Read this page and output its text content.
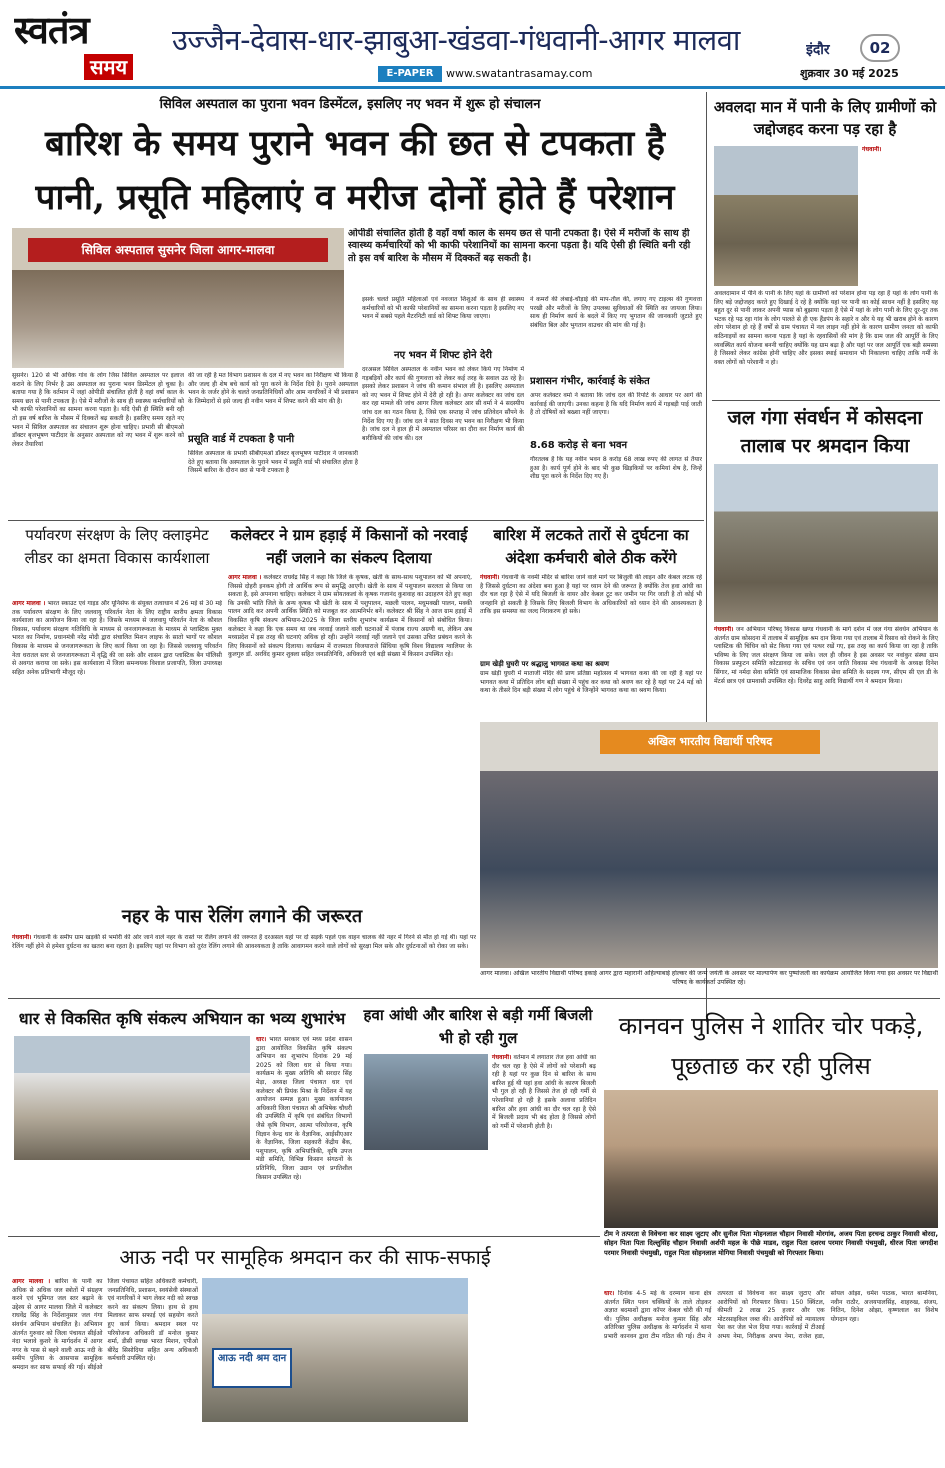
स्वतंत्र
समय
उज्जैन-देवास-धार-झाबुआ-खंडवा-गंधवानी-आगर मालवा	इंदौर	02
E-PAPER	www.swatantrasamay.com	शुक्रवार 30 मई 2025
सिविल अस्पताल का पुराना भवन डिस्मेंटल, इसलिए नए भवन में शुरू हो संचालन
बारिश के समय पुराने भवन की छत से टपकता है
पानी, प्रसूति महिलाएं व मरीज दोनों होते हैं परेशान
सिविल अस्पताल सुसनेर जिला आगर-मालवा
ओपीडी संचालित होती है वहाँ वर्षा काल के समय छत से पानी टपकता है। ऐसे में मरीजों के साथ ही स्वास्थ्य कर्मचारियों को भी काफी परेशानियों का सामना करना पड़ता है। यदि ऐसी ही स्थिति बनी रही तो इस वर्ष बारिश के मौसम में दिक्कतें बढ़ सकती है।
सुसनेर। 120 से भी अधिक गांव के लोग जिस सिविल अस्पताल पर इलाज कराने के लिए निर्भर है उस अस्पताल का पुराना भवन डिस्मेंटल हो चुका है। बताया गया है कि वर्तमान में जहां ओपीडी संचालित होती है वहां वर्षा काल के समय छत से पानी टपकता है। ऐसे में मरीजों के साथ ही स्वास्थ्य कर्मचारियों को भी काफी परेशानियों का सामना करना पड़ता है। यदि ऐसी ही स्थिति बनी रही तो इस वर्ष बारिश के मौसम में दिक्कतें बढ़ सकती है। इसलिए समय रहते नए भवन में सिविल अस्पताल का संचालन शुरू होना चाहिए। प्रभारी सी बीएमओ डॉक्टर बृजभूषण पाटीदार के अनुसार अस्पताल को नए भवन में शुरू करने को लेकर तैयारियां
की जा रही है मत विभाग प्रशासन के दल में नए भवन का निरीक्षण भी किया है और जल्द ही शेष बचे कार्य को पूरा करने के निर्देश दिये है। पुराने अस्पताल भवन के जर्जर होने के चलते जनप्रतिनिधियों और आम नागरिकों ने भी प्रशासन के जिम्मेदारों से इसे जल्द ही नवीन भवन में शिफ्ट करने की मांग की है।
प्रसूति वार्ड में टपकता है पानी
सिविल अस्पताल के प्रभारी सीबीएमओ डॉक्टर बृजभूषण पाटीदार ने जानकारी देते हुए बताया कि अस्पताल के पुराने भवन में प्रसूति वार्ड भी संचालित होता है जिसमें बारिश के दौरान छत से पानी टपकता है
इसके चलते प्रसूति महिलाओं एवं नवजात शिशुओं के साथ ही स्वास्थ्य कर्मचारियों को भी काफी परेशानियों का सामना करना पड़ता है इसलिए नए भवन में सबसे पहले मैटरनिटी वार्ड को शिफ्ट किया जाएगा।
नए भवन में शिफ्ट होने देरी
दरअसल सिविल अस्पताल के नवीन भवन को लेकर किये गए निर्माण में गड़बड़ियों और कार्य की गुणवत्ता को लेकर कई तरह के सवाल उठ रहे है। इसको लेकर प्रशासन ने जांच की कमान संभाल ली है। इसलिए अस्पताल को नए भवन में शिफ्ट होने में देरी हो रही है। अपर कलेक्टर का जांच दल कर रहा मामले की जांच आगर जिला कलेक्टर आर सी वर्मा ने 4 सदस्यीय जांच दल का गठन किया है, जिसे एक सप्ताह में जांच प्रतिवेदन सौंपने के निर्देश दिए गए हैं। जांच दल ने सात दिवस नए भवन का निरीक्षण भी किया है। जांच दल ने हाल ही में अस्पताल परिसर का दौरा कर निर्माण कार्य की बारीकियों की जांच की। दल
ने कमरों की लंबाई-चौड़ाई की माप-तौल की, लगाए गए टाइल्स की गुणवत्ता परखी और मरीजों के लिए उपलब्ध सुविधाओं की स्थिति का जायजा लिया। साथ ही निर्माण कार्य के बदले में किए गए भुगतान की जानकारी जुटाते हुए संबंधित बिल और भुगतान वाउचर की मांग की गई है।
प्रशासन गंभीर, कार्रवाई के संकेत
अपर कलेक्टर वर्मा ने बताया कि जांच दल की रिपोर्ट के आधार पर आगे की कार्रवाई की जाएगी। उनका कहना है कि यदि निर्माण कार्य में गड़बड़ी पाई जाती है तो दोषियों को बख्शा नहीं जाएगा।
8.68 करोड़ से बना भवन
गौरतलब है कि यह नवीन भवन 8 करोड़ 68 लाख रुपए की लागत से तैयार हुआ है। कार्य पूर्ण होने के बाद भी कुछ खिड़कियों पर कमियां शेष है, जिन्हें शीघ्र पूरा करने के निर्देश दिए गए हैं।
अवलदा मान में पानी के लिए ग्रामीणों को जद्दोजहद करना पड़ रहा है
गंधवानी।
अवलदामान में पीने के पानी के लिए यहां के ग्रामीणों को परेशान होना पड़ रहा है यहां के लोग पानी के लिए बड़े जद्दोजहद करते हुए दिखाई दे रहे है क्योंकि यहां पर पानी का कोई साधन नहीं है इसलिए यह बहुत दूर से पानी लाकर अपनी प्यास को बुझाया पड़ता है ऐसे में यहां के लोग पानी के लिए दूर-दूर तक भटक रहे पढ़ रहा गांव के लोग पालते से ही एक हैंडपंप के सहारे व और ये यह भी खराब होने के कारण लोग परेशान हो रहे हैं वर्षों से ग्राम पंचायत में नल लाइन नहीं होने के कारण ग्रामीण जनता को काफी कठिनाइयों का सामना करना पड़ता है यहां के रहवासियों की मांग है कि ग्राम जल की आपूर्ति के लिए व्यवस्थित कार्य योजना बननी चाहिए क्योंकि यह ग्राम बढ़ा है और यहां पर जल आपूर्ति एक बड़ी समस्या है जिसको लेकर कांग्रेस होनी चाहिए और इसका स्थाई समाधान भी निकालना चाहिए ताकि गर्मी के वक्त लोगों को परेशानी न हो।
जल गंगा संवर्धन में कोसदना तालाब पर श्रमदान किया
गंधवानी। जन अभियान परिषद् विकास खण्ड गंधवानी के मार्ग दर्शन में जल गंगा संवर्धन अभियान के अंतर्गत ग्राम कोसदना में तालाब में सामूहिक श्रम दान किया गया एवं तालाब में रिसाव को रोकने के लिए प्लास्टिक की चिंधिन को सेट किया गया एवं पत्थर रखें गए, इस तरह का कार्य किया जा रहा है ताकि भविष्य के लिए जल संरक्षण किया जा सके। जल ही जीवन है इस अवसर पर नवांकुर संस्था ग्राम विकास प्रस्फुटन समिति कोटडावदा के सचिव एवं जन जाति विकास मंच गंधवानी के अध्यक्ष दिनेश सिंगार, मां नर्मदा सेवा समिति एवं सामाजिक विकास सेवा समिति के सदस्य गण, सीएम सी एल डी के मेंटर्स छात्र एवं ग्रामवासी उपस्थित रहे। दिवरेंद्र साहु आदि विद्यार्थी गण ने श्रमदान किया।
पर्यावरण संरक्षण के लिए क्लाइमेट लीडर का क्षमता विकास कार्यशाला
आगर मालवा । भारत स्काउट एवं गाइड और यूनिसेफ के संयुक्त तत्वाधान में 26 मई से 30 मई तक पर्यावरण संरक्षण के लिए जलवायु परिवर्तन नेता के लिए राष्ट्रीय स्तरीय क्षमता विकास कार्यशाला का आयोजन किया जा रहा है। जिसके माध्यम से जलवायु परिवर्तन नेता के कौशल विकास, पर्यावरण संरक्षण गतिविधि के माध्यम से जनजागरूकता के माध्यम से प्लास्टिक मुक्त भारत का निर्माण, प्रधानमंत्री नरेंद्र मोदी द्वारा संचालित मिशन लाइफ के सातो भागों पर कौशल विकास के माध्यम से जनजागरूकता के लिए कार्य किया जा रहा है। जिससे जलवायु परिवर्तन नेता धरातल स्तर से जनजागरूकता में वृद्धि की जा सके और शासन द्वारा प्लास्टिक बैन पॉलिसी से अवगत कराया जा सके। इस कार्यशाला में जिला समन्वयक विशाल प्रजापति, जिला उपाध्यक्ष सहित अनेक प्रतिभागी मौजूद रहे।
कलेक्टर ने ग्राम हड़ाई में किसानों को नरवाई नहीं जलाने का संकल्प दिलाया
आगर मालवा । कलेक्टर राघवेंद्र सिंह ने कहा कि जिले के कृषक, खेती के साथ-साथ पशुपालन को भी अपनाएं, जिससे दोहरी इनकम होगी तो आर्थिक रूप से समृद्धि आएगी। खेती के साथ में पशुपालन सरलता से किया जा सकता है, इसे अपनाना चाहिए। कलेक्टर ने ग्राम सोयतकलां के कृषक गजानंद कुशवाह का उदाहरण देते हुए कहा कि उनकी भांति जिले के अन्य कृषक भी खेती के साथ में पशुपालन, मछली पालन, मधुमक्खी पालन, मक्की पालन आदि कर अपनी आर्थिक स्थिति को मजबूत कर आत्मनिर्भर बनें। कलेक्टर श्री सिंह ने आज ग्राम हड़ाई में विकसित कृषि संकल्प अभियान-2025 के जिला स्तरीय शुभारंभ कार्यक्रम में किसानों को संबोधित किया। कलेक्टर ने कहा कि एक समय था जब नरवाई जलाने वाली घटनाओं में पंजाब राज्य अग्रणी था, लेकिन अब मध्यप्रदेश में इस तरह की घटनाएं अधिक हो रही। उन्होंने नरवाई नहीं जलाने एवं उसका उचित प्रबंधन करने के लिए किसानों को संकल्प दिलाया। कार्यक्रम में राजमाता विजयाराजे सिंधिया कृषि विश्व विद्यालय ग्वालियर के कुलगुरु डॉ. अरविंद कुमार शुक्ला सहित जनप्रतिनिधि, अधिकारी एवं बड़ी संख्या में किसान उपस्थित रहे।
बारिश में लटकते तारों से दुर्घटना का अंदेशा कर्मचारी बोले ठीक करेंगे
गंधवानी। गंधवानी के नवमी मंदिर से बारिश जाने वाले मार्ग पर बिजुली की लाइन और केबल लटक रहे है जिससे दुर्घटना का अंदेशा बना हुआ है यहां पर ध्यान देने की जरूरत है क्योंकि तेज हवा आंधी का दौर चल रहा है ऐसे में यदि बिजली के वायर और केबल टूट कर जमीन पर गिर जाती है तो कोई भी जनहानि हो सकती है जिसके लिए बिजली विभाग के अधिकारियों को ध्यान देने की आवश्यकता है ताकि इस समस्या का जल्द निराकरण हो सके।
ग्राम खेड़ी घुघरी पर श्रद्धालु भागवत कथा का श्रवण
ग्राम खेड़ी घुघरी में माताजी मंदिर की प्राण प्रतिष्ठा महोत्सव में भागवत कथा की जा रही है यहां पर भागवत कथा में प्रतिदिन लोग बड़ी संख्या में पहुंच कर कथा को श्रवण कर रहे है यहां पर 24 मई को कथा के तीसरे दिन बड़ी संख्या में लोग पहुंचे थे जिन्होंने भागवत कथा का श्रवण किया।
अखिल भारतीय विद्यार्थी परिषद
आगर मालवा। अखिल भारतीय विद्यार्थी परिषद इकाई आगर द्वारा महारानी अहिल्याबाई होल्कर की जन्म जयंती के अवसर पर माल्यार्पण कर पुष्पांजली का कार्यक्रम आयोजित किया गया इस अवसर पर विद्यार्थी परिषद के कार्यकर्ता उपस्थित रहे।
नहर के पास रेलिंग लगाने की जरूरत
गंधवानी। गंधवानी के समीप ग्राम खड़की से भमोरी की ओर जाने वाले नहर के रास्ते पर रेलिंग लगाने की जरूरत है दरअसल यहां पर दो सड़कें पहले एक वाहन चालक की नहर में गिरने से मौत हो गई थी। यहां पर रेलिंग नहीं होने से हमेशा दुर्घटना का खतरा बना रहता है। इसलिए यहां पर विभाग को तुरंत रेलिंग लगाने की आवश्यकता है ताकि आवागमन करने वाले लोगों को सुरक्षा मिल सके और दुर्घटनाओं को रोका जा सके।
धार से विकसित कृषि संकल्प अभियान का भव्य शुभारंभ
धार। भारत सरकार एवं मध्य प्रदेश शासन द्वारा आयोजित विकसित कृषि संकल्प अभियान का शुभारंभ दिनांक 29 मई 2025 को जिला धार से किया गया। कार्यक्रम के मुख्य अतिथि श्री सरदार सिंह मेड़ा, अध्यक्ष जिला पंचायत धार एवं कलेक्टर श्री प्रियंक मिश्रा के निर्देशन में यह आयोजन सम्पन्न हुआ। मुख्य कार्यपालन अधिकारी जिला पंचायत श्री अभिषेक चौधरी की उपस्थिति में कृषि एवं संबंधित विभागों जैसे कृषि विभाग, आत्मा परियोजना, कृषि विज्ञान केन्द्र धार के वैज्ञानिक, आईसीएआर के वैज्ञानिक, जिला सहकारी केंद्रीय बैंक, पशुपालन, कृषि अभियांत्रिकी, कृषि उपज मंडी समिति, विभिन्न किसान संगठनों के प्रतिनिधि, जिला उद्यान एवं प्रगतिशील किसान उपस्थित रहे।
हवा आंधी और बारिश से बड़ी गर्मी बिजली भी हो रही गुल
गंधवानी। वर्तमान में लगातार तेज हवा आंधी का दौर चल रहा है ऐसे में लोगों को परेशानी बढ़ रही है यहां पर कुछ दिन से बारिश के साथ बारिश हुई थी यहां हवा आंधी के कारण बिजली भी गुल हो रही है जिससे तेज हो रही गर्मी से परेशानियां हो रही है इसके अलावा प्रतिदिन बारिश और हवा आंधी का दौर चल रहा है ऐसे में बिजली प्रदाय भी बंद होता है जिससे लोगों को गर्मी में परेशानी होती है।
कानवन पुलिस ने शातिर चोर पकड़े, पूछताछ कर रही पुलिस
टीम ने तत्परता से विवेचना कर साक्ष्य जुटाए और सुनील पिता मोहनलाल चौहान निवासी मोरगांव, अजय पिता हरचन्द्र ठाकुर निवासी बोरदा, सोहन पिता पिता दिल्लुसिंह चौहान निवासी अर्शपी महल के पीछे माडव, राहुल पिता दशरथ परमार निवासी पंचमुखी, धीरज पिता जगदीश परमार निवासी पंचमुखी, राहुल पिता सोहनलाल मोगिया निवासी पंचमुखी को गिरफ्तार किया।
धार। दिनांक 4-5 मई के दरम्यान थाना क्षेत्र अंतर्गत स्थित पवन चक्कियों के ताले तोड़कर अज्ञात बदमाशों द्वारा कॉपर केबल चोरी की गई थी। पुलिस अधीक्षक मनोज कुमार सिंह और अतिरिक्त पुलिस अधीक्षक के मार्गदर्शन में थाना प्रभारी कानवन द्वारा टीम गठित की गई। टीम ने तत्परता से विवेचना कर साक्ष्य जुटाए और आरोपियों को गिरफ्तार किया। 150 क्विंटल, कीमती 2 लाख 25 हजार और एक मोटरसाइकिल जब्त की। आरोपियों को न्यायालय पेश कर जेल भेज दिया गया। कार्रवाई में टीआई अभय नेमा, निरीक्षक अभय नेमा, राजेश हडा, सोयल ओझा, धर्मेश पाठक, भारत बामनिया, नवीन राठौर, अजयपालसिंह, शाहरुख, संजय, नितिन, दिनेश ओझा, कृष्णलाल का विशेष योगदान रहा।
आऊ नदी पर सामूहिक श्रमदान कर की साफ-सफाई
आऊ नदी श्रम दान
आगर मालवा । बारिश के पानी का अधिक से अधिक जल स्त्रोतों में संग्रहण करने एवं भूमिगत जल स्तर बढ़ाने के उद्देश्य से आगर मालवा जिले में कलेक्टर राघवेंद्र सिंह के निर्देशानुसार जल गंगा संवर्धन अभियान संचालित है। अभियान अंतर्गत गुरुवार को जिला पंचायत सीईओ नंदा भलावे कुशरे के मार्गदर्शन में आगर नगर के पास से बहने वाली आऊ नदी के समीप पुलिया के आसपास सामूहिक श्रमदान कर साफ सफाई की गई। सीईओ जिला पंचायत सहित अधिकारी कर्मचारी, जनप्रतिनिधि, प्रशासन, स्वयंसेवी संस्थाओं एवं नागरिकों ने भाग लेकर नदी को स्वच्छ करने का संकल्प लिया। हाथ से हाथ मिलाकर साफ सफाई एवं सहयोग करते हुए कार्य किया। श्रमदान स्थल पर परियोजना अधिकारी डॉ मनोज कुमार शर्मा, डीसी स्वच्छ भारत मिशन, एपीओ बीरेंद्र सिसोदिया सहित अन्य अधिकारी कर्मचारी उपस्थित रहे।
